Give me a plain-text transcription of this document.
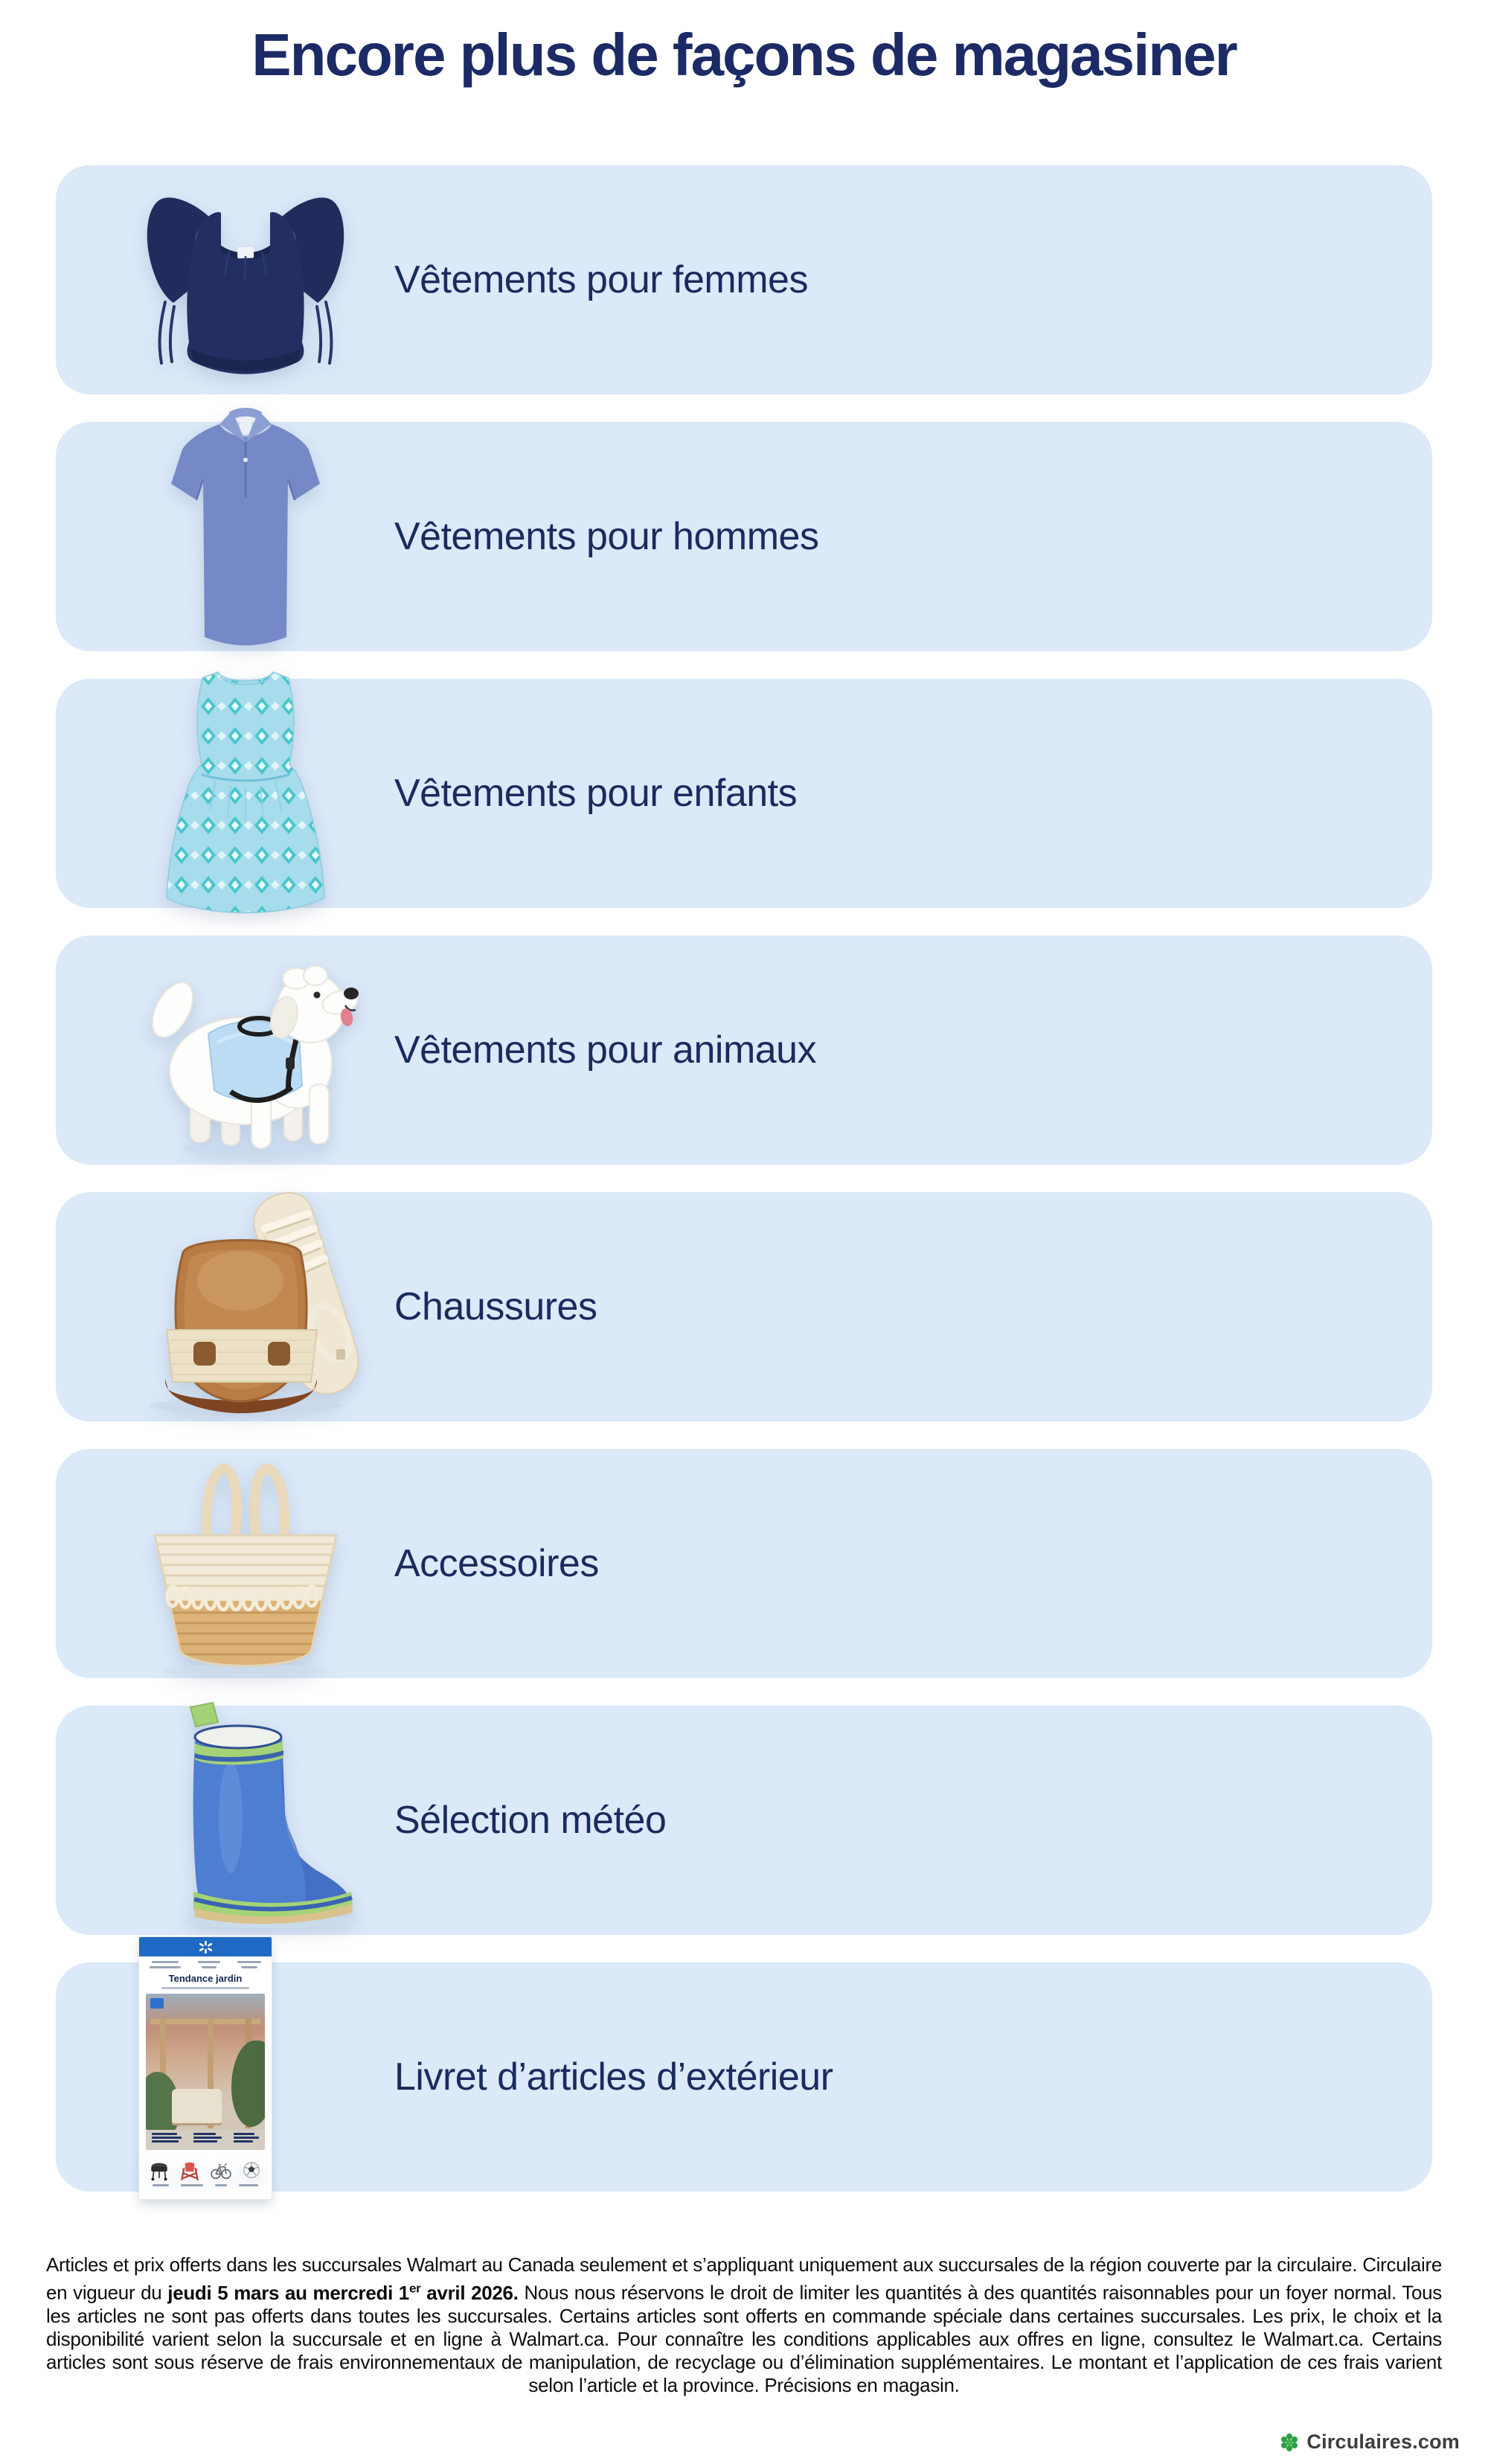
Encore plus de façons de magasiner
Vêtements pour femmes
Vêtements pour hommes
Vêtements pour enfants
Vêtements pour animaux
Chaussures
Accessoires
Sélection météo
Tendance jardin
Livret d’articles d’extérieur

Articles et prix offerts dans les succursales Walmart au Canada seulement et s’appliquant uniquement aux succursales de la région couverte par la circulaire. Circulaire en vigueur du jeudi 5 mars au mercredi 1er avril 2026. Nous nous réservons le droit de limiter les quantités à des quantités raisonnables pour un foyer normal. Tous les articles ne sont pas offerts dans toutes les succursales. Certains articles sont offerts en commande spéciale dans certaines succursales. Les prix, le choix et la disponibilité varient selon la succursale et en ligne à Walmart.ca. Pour connaître les conditions applicables aux offres en ligne, consultez le Walmart.ca. Certains articles sont sous réserve de frais environnementaux de manipulation, de recyclage ou d’élimination supplémentaires. Le montant et l’application de ces frais varient selon l’article et la province. Précisions en magasin.

Circulaires.com
